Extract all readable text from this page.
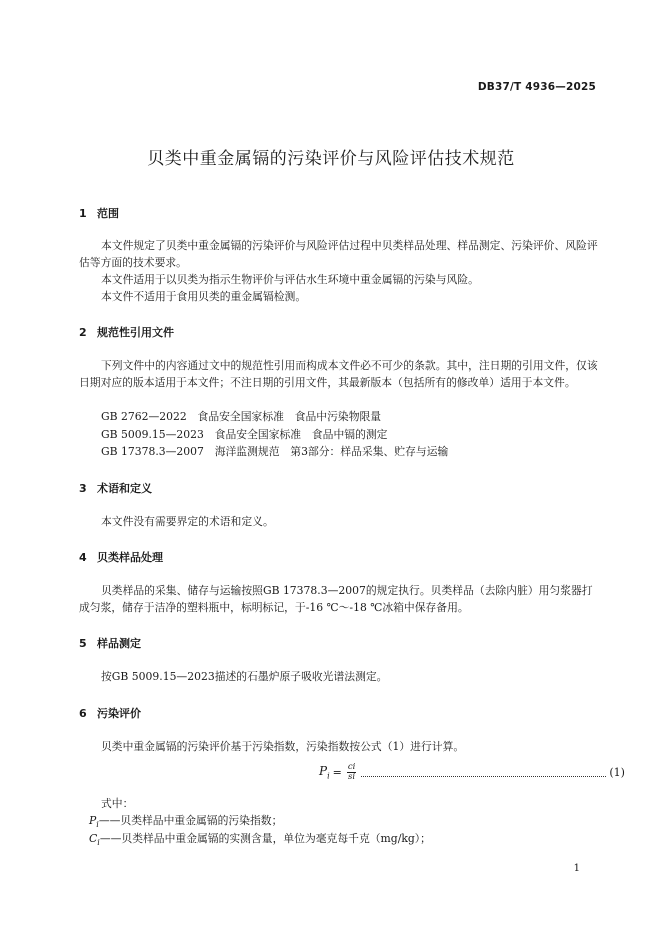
DB37/T 4936—2025
贝类中重金属镉的污染评价与风险评估技术规范
1 范围

本文件规定了贝类中重金属镉的污染评价与风险评估过程中贝类样品处理、样品测定、污染评价、风险评估等方面的技术要求。

本文件适用于以贝类为指示生物评价与评估水生环境中重金属镉的污染与风险。

本文件不适用于食用贝类的重金属镉检测。

2 规范性引用文件

下列文件中的内容通过文中的规范性引用而构成本文件必不可少的条款。其中，注日期的引用文件，仅该日期对应的版本适用于本文件；不注日期的引用文件，其最新版本（包括所有的修改单）适用于本文件。

GB 2762—2022　食品安全国家标准　食品中污染物限量
GB 5009.15—2023　食品安全国家标准　食品中镉的测定
GB 17378.3—2007　海洋监测规范　第3部分：样品采集、贮存与运输
3 术语和定义

本文件没有需要界定的术语和定义。

4 贝类样品处理

贝类样品的采集、储存与运输按照GB 17378.3—2007的规定执行。贝类样品（去除内脏）用匀浆器打成匀浆，储存于洁净的塑料瓶中，标明标记，于-16 ℃～-18 ℃冰箱中保存备用。

5 样品测定

按GB 5009.15—2023描述的石墨炉原子吸收光谱法测定。

6 污染评价

贝类中重金属镉的污染评价基于污染指数，污染指数按公式（1）进行计算。

$P_i = \frac{ci}{si}$	(1)
式中：
$P_i——$贝类样品中重金属镉的污染指数；
$C_i——$贝类样品中重金属镉的实测含量，单位为毫克每千克（mg/kg）；
1
